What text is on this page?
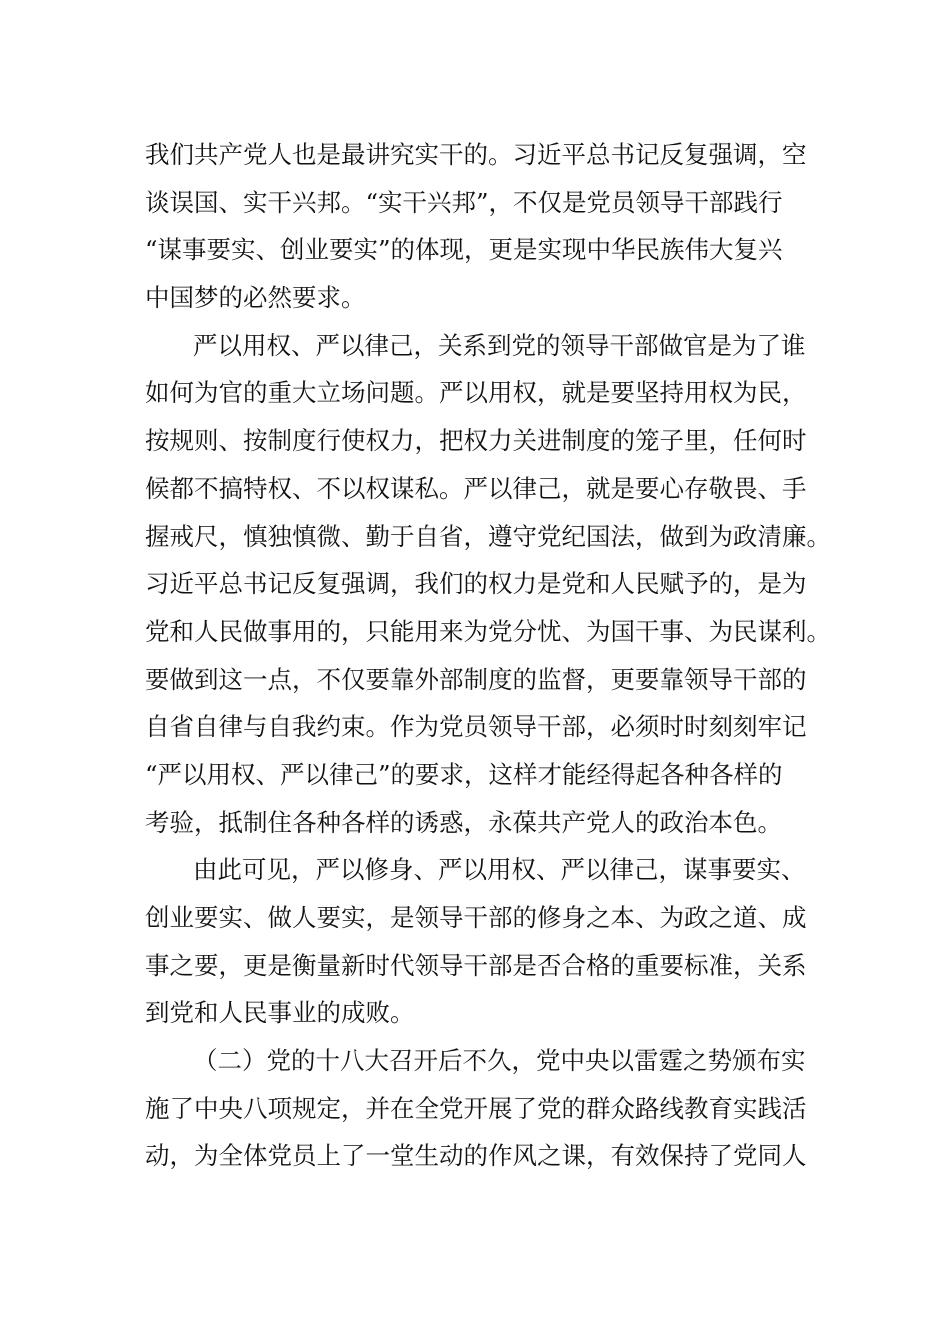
我们共产党人也是最讲究实干的。习近平总书记反复强调，空
谈误国、实干兴邦。“实干兴邦”，不仅是党员领导干部践行
“谋事要实、创业要实”的体现，更是实现中华民族伟大复兴
中国梦的必然要求。
严以用权、严以律己，关系到党的领导干部做官是为了谁
如何为官的重大立场问题。严以用权，就是要坚持用权为民，
按规则、按制度行使权力，把权力关进制度的笼子里，任何时
候都不搞特权、不以权谋私。严以律己，就是要心存敬畏、手
握戒尺，慎独慎微、勤于自省，遵守党纪国法，做到为政清廉。
习近平总书记反复强调，我们的权力是党和人民赋予的，是为
党和人民做事用的，只能用来为党分忧、为国干事、为民谋利。
要做到这一点，不仅要靠外部制度的监督，更要靠领导干部的
自省自律与自我约束。作为党员领导干部，必须时时刻刻牢记
“严以用权、严以律己”的要求，这样才能经得起各种各样的
考验，抵制住各种各样的诱惑，永葆共产党人的政治本色。
由此可见，严以修身、严以用权、严以律己，谋事要实、
创业要实、做人要实，是领导干部的修身之本、为政之道、成
事之要，更是衡量新时代领导干部是否合格的重要标准，关系
到党和人民事业的成败。
（二）党的十八大召开后不久，党中央以雷霆之势颁布实
施了中央八项规定，并在全党开展了党的群众路线教育实践活
动，为全体党员上了一堂生动的作风之课，有效保持了党同人
